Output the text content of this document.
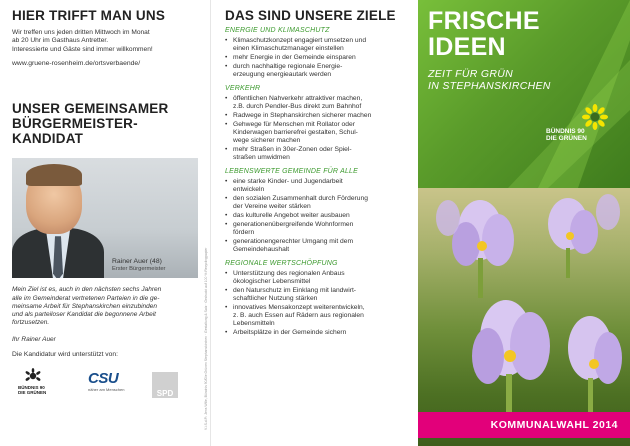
HIER TRIFFT MAN UNS
Wir treffen uns jeden dritten Mittwoch im Monat
ab 20 Uhr im Gasthaus Antretter.
Interessierte und Gäste sind immer willkommen!
www.gruene-rosenheim.de/ortsverbaende/
UNSER GEMEINSAMER
BÜRGERMEISTER-
KANDIDAT
Rainer Auer (48)
Erster Bürgermeister
Mein Ziel ist es, auch in den nächsten sechs Jahren
alle im Gemeinderat vertretenen Parteien in die ge-
meinsame Arbeit für Stephanskirchen einzubinden
und als parteiloser Kandidat die begonnene Arbeit
fortzusetzen.
Ihr Rainer Auer
Die Kandidatur wird unterstützt von:
BÜNDNIS 90
DIE GRÜNEN
CSU
näher am Menschen	SPD	V.i.S.d.P.: Jens Wille, Bündnis 90/Die Grünen Stephanskirchen · Gestaltung & Satz · Gedruckt auf 100 % Recyclingpapier
DAS SIND UNSERE ZIELE
ENERGIE UND KLIMASCHUTZ
• Klimaschutzkonzept engagiert umsetzen und
einen Klimaschutzmanager einstellen
• mehr Energie in der Gemeinde einsparen
• durch nachhaltige regionale Energie-
erzeugung energieautark werden
VERKEHR
• öffentlichen Nahverkehr attraktiver machen,
z.B. durch Pendler-Bus direkt zum Bahnhof
• Radwege in Stephanskirchen sicherer machen
• Gehwege für Menschen mit Rollator oder
Kinderwagen barrierefrei gestalten, Schul-
wege sicherer machen
• mehr Straßen in 30er-Zonen oder Spiel-
straßen umwidmen
LEBENSWERTE GEMEINDE FÜR ALLE
• eine starke Kinder- und Jugendarbeit
entwickeln
• den sozialen Zusammenhalt durch Förderung
der Vereine weiter stärken
• das kulturelle Angebot weiter ausbauen
• generationenübergreifende Wohnformen
fördern
• generationengerechter Umgang mit dem
Gemeindehaushalt
REGIONALE WERTSCHÖPFUNG
• Unterstützung des regionalen Anbaus
ökologischer Lebensmittel
• den Naturschutz im Einklang mit landwirt-
schaftlicher Nutzung stärken
• innovatives Mensakonzept weiterentwickeln,
z. B. auch Essen auf Rädern aus regionalen
Lebensmitteln
• Arbeitsplätze in der Gemeinde sichern
FRISCHE
IDEEN
ZEIT FÜR GRÜN
IN STEPHANSKIRCHEN
BÜNDNIS 90
DIE GRÜNEN
KOMMUNALWAHL 2014
